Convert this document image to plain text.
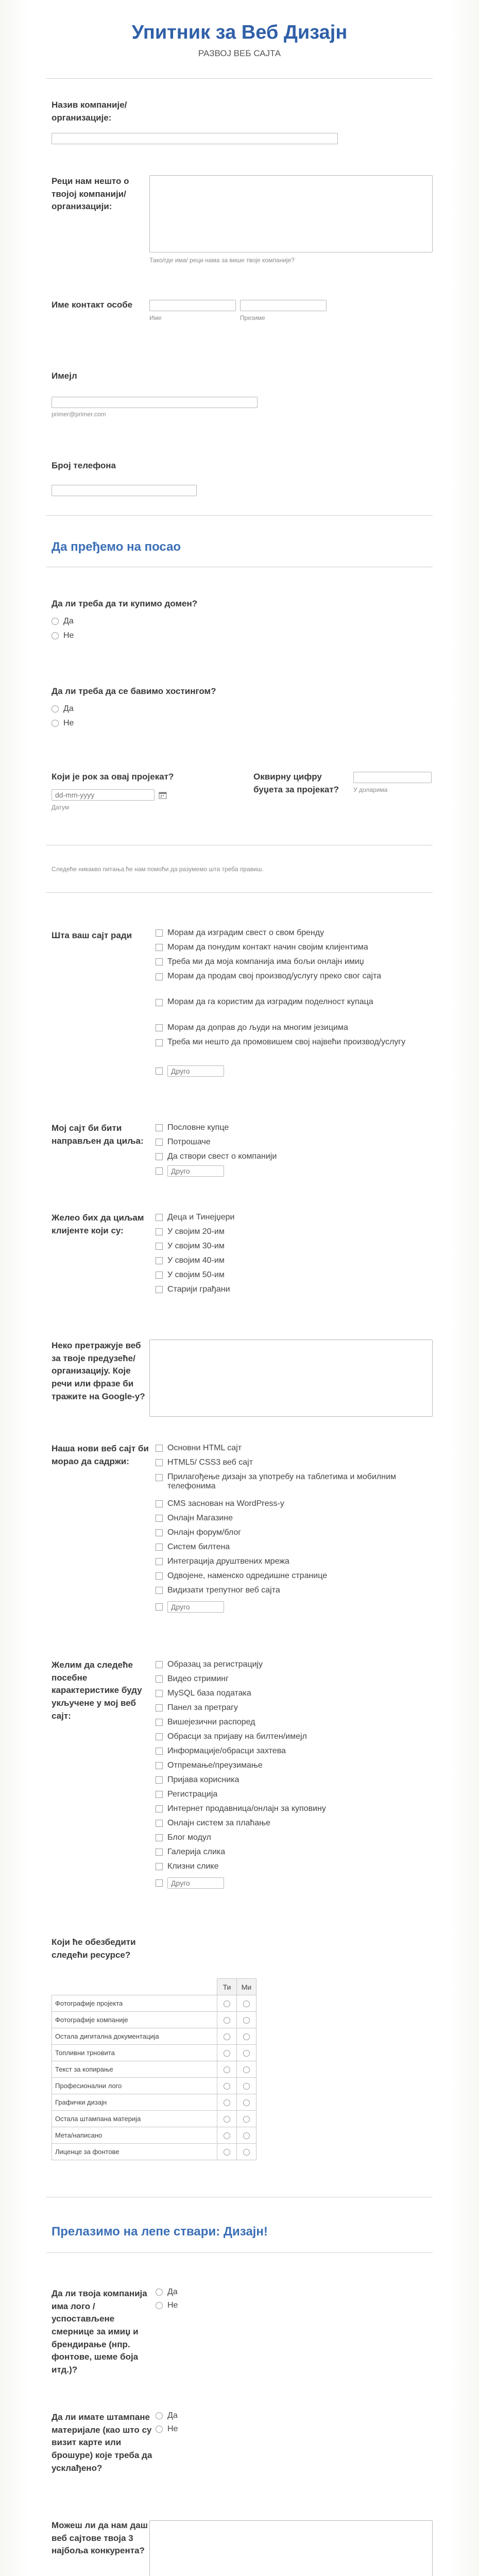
Упитник за Веб Дизајн
РАЗВОЈ ВЕБ САЈТА
Назив компаније/ организације:
Реци нам нешто о твојој компанији/ организацији:
Тако/где има/ реци нама за више твоје компаније?
Име контакт особе
Име	Презиме
Имејл
primer@primer.com
Број телефона
Да пређемо на посао
Да ли треба да ти купимо домен?
Да
Не
Да ли треба да се бавимо хостингом?
Да
Не
Који је рок за овај пројекат?
dd-mm-yyyy
Датум
Оквирну цифру буџета за пројекат?	У доларима
Следеће никакво питања ће нам помоћи да разумемо шта треба правиш.
Шта ваш сајт ради	Морам да изградим свест о свом бренду
Морам да понудим контакт начин својим клијентима
Треба ми да моја компанија има бољи онлајн имиџ
Морам да продам свој производ/услугу преко свог сајта
Морам да га користим да изградим поделност купаца
Морам да доправ до људи на многим језицима
Треба ми нешто да промовишем свој највећи производ/услугу
Друго
Мој сајт би бити направљен да циља:
Пословне купце
Потрошаче
Да створи свест о компанији
Друго
Желео бих да циљам клијенте који су:
Деца и Тинејџери
У својим 20-им
У својим 30-им
У својим 40-им
У својим 50-им
Старији грађани
Неко претражује веб за твоје предузеће/ организацију. Које речи или фразе би тражите на Google-у?
Наша нови веб сајт би морао да садржи:
Основни HTML сајт
HTML5/ CSS3 веб сајт
Прилагођење дизајн за употребу на таблетима и мобилним телефонима
CMS заснован на WordPress-у
Онлајн Магазине
Онлајн форум/блог
Систем билтена
Интеграција друштвених мрежа
Одвојене, наменско одредишне странице
Видизати трепутног веб сајта
Друго
Желим да следеће посебне карактеристике буду укључене у мој веб сајт:
Образац за регистрацију
Видео стриминг
MySQL база података
Панел за претрагу
Вишејезични распоред
Обрасци за пријаву на билтен/имејл
Информације/обрасци захтева
Отпремање/преузимање
Приjава корисника
Регистрација
Интернет продавница/онлајн за куповину
Онлајн систем за плаћање
Блог модул
Галерија слика
Клизни слике
Друго
Који ће обезбедити следећи ресурсе?
	Ти	Ми
Фотографије пројекта		
Фотографије компаније		
Остала дигитална документација		
Топливни трновита		
Текст за копирање		
Професионални лого		
Графички дизајн		
Остала штампана материја		
Мета/написано		
Лиценце за фонтове		
Прелазимо на лепе ствари: Дизајн!
Да ли твоја компанија има лого / успостављене смернице за имиџ и брендирање (нпр. фонтове, шеме боја итд.)?
Да
Не
Да ли имате штампане материјале (као што су визит карте или брошуре) које треба да усклађено?
Да
Не
Можеш ли да нам даш веб сајтове твоја 3 најбоља конкурента?
